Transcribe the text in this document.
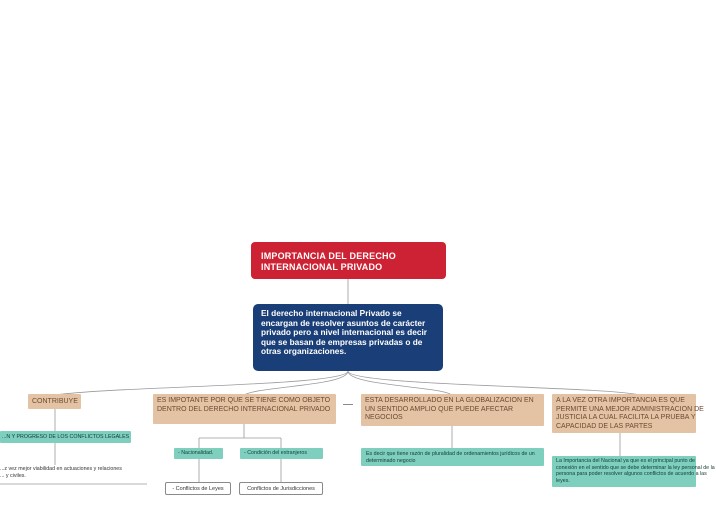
IMPORTANCIA DEL DERECHO INTERNACIONAL PRIVADO
El derecho internacional Privado se encargan de resolver asuntos de carácter privado pero a nivel internacional es decir que se basan de empresas privadas o de otras organizaciones.
CONTRIBUYE
...N Y PROGRESO DE LOS CONFLICTOS LEGALES
...z vez mejor viabilidad en actuaciones y relaciones
... y civiles.
ES IMPOTANTE POR QUE SE TIENE COMO OBJETO DENTRO DEL DERECHO INTERNACIONAL PRIVADO
- Nacionalidad.	- Condición del extranjeros
- Conflictos de Leyes	Conflictos de Jurisdicciones
ESTA DESARROLLADO EN LA GLOBALIZACION EN UN SENTIDO AMPLIO QUE PUEDE AFECTAR NEGOCIOS
Es decir que tiene razón de pluralidad de ordenamientos jurídicos de un determinado negocio
A LA VEZ OTRA IMPORTANCIA ES QUE PERMITE UNA MEJOR ADMINISTRACION DE JUSTICIA LA CUAL FACILITA LA PRUEBA Y CAPACIDAD DE LAS PARTES
La Importancia del Nacional ya que es el principal punto de conexión en el sentido que se debe determinar la ley personal de la persona para poder resolver algunos conflictos de acuerdo a las leyes.
